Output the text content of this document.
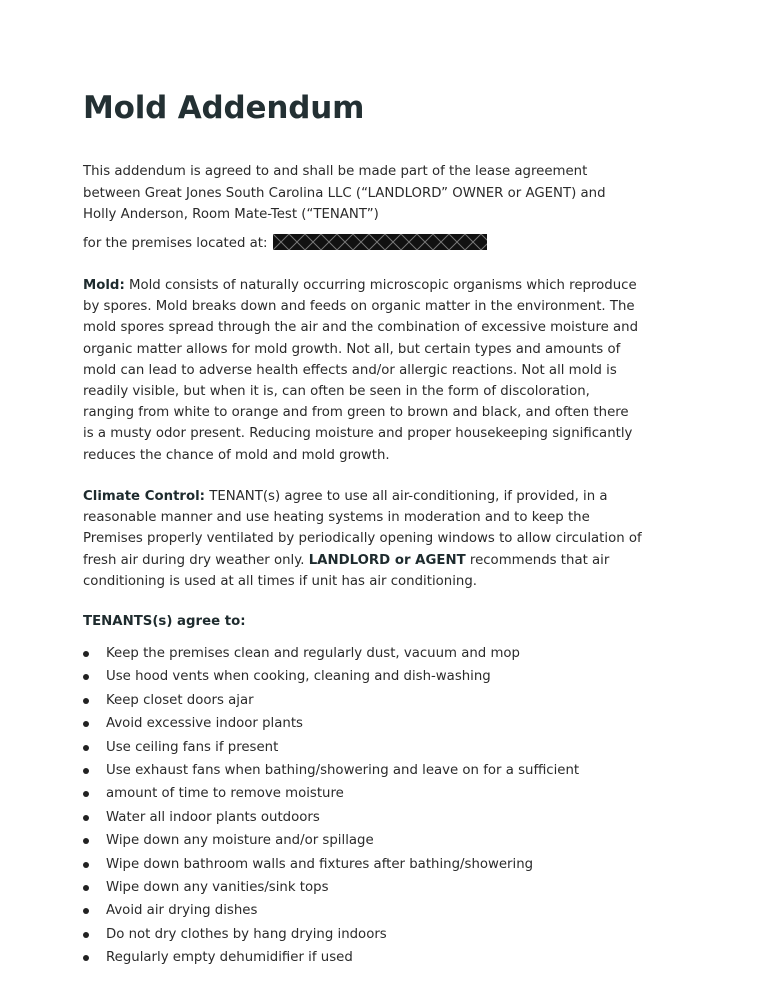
Mold Addendum

This addendum is agreed to and shall be made part of the lease agreement between Great Jones South Carolina LLC (“LANDLORD” OWNER or AGENT) and Holly Anderson, Room Mate-Test (“TENANT”)

for the premises located at:

Mold: Mold consists of naturally occurring microscopic organisms which reproduce by spores. Mold breaks down and feeds on organic matter in the environment. The mold spores spread through the air and the combination of excessive moisture and organic matter allows for mold growth. Not all, but certain types and amounts of mold can lead to adverse health effects and/or allergic reactions. Not all mold is readily visible, but when it is, can often be seen in the form of discoloration, ranging from white to orange and from green to brown and black, and often there is a musty odor present. Reducing moisture and proper housekeeping significantly reduces the chance of mold and mold growth.

Climate Control: TENANT(s) agree to use all air-conditioning, if provided, in a reasonable manner and use heating systems in moderation and to keep the Premises properly ventilated by periodically opening windows to allow circulation of fresh air during dry weather only. LANDLORD or AGENT recommends that air conditioning is used at all times if unit has air conditioning.

TENANTS(s) agree to:

Keep the premises clean and regularly dust, vacuum and mop
Use hood vents when cooking, cleaning and dish-washing
Keep closet doors ajar
Avoid excessive indoor plants
Use ceiling fans if present
Use exhaust fans when bathing/showering and leave on for a sufficient
amount of time to remove moisture
Water all indoor plants outdoors
Wipe down any moisture and/or spillage
Wipe down bathroom walls and fixtures after bathing/showering
Wipe down any vanities/sink tops
Avoid air drying dishes
Do not dry clothes by hang drying indoors
Regularly empty dehumidifier if used
